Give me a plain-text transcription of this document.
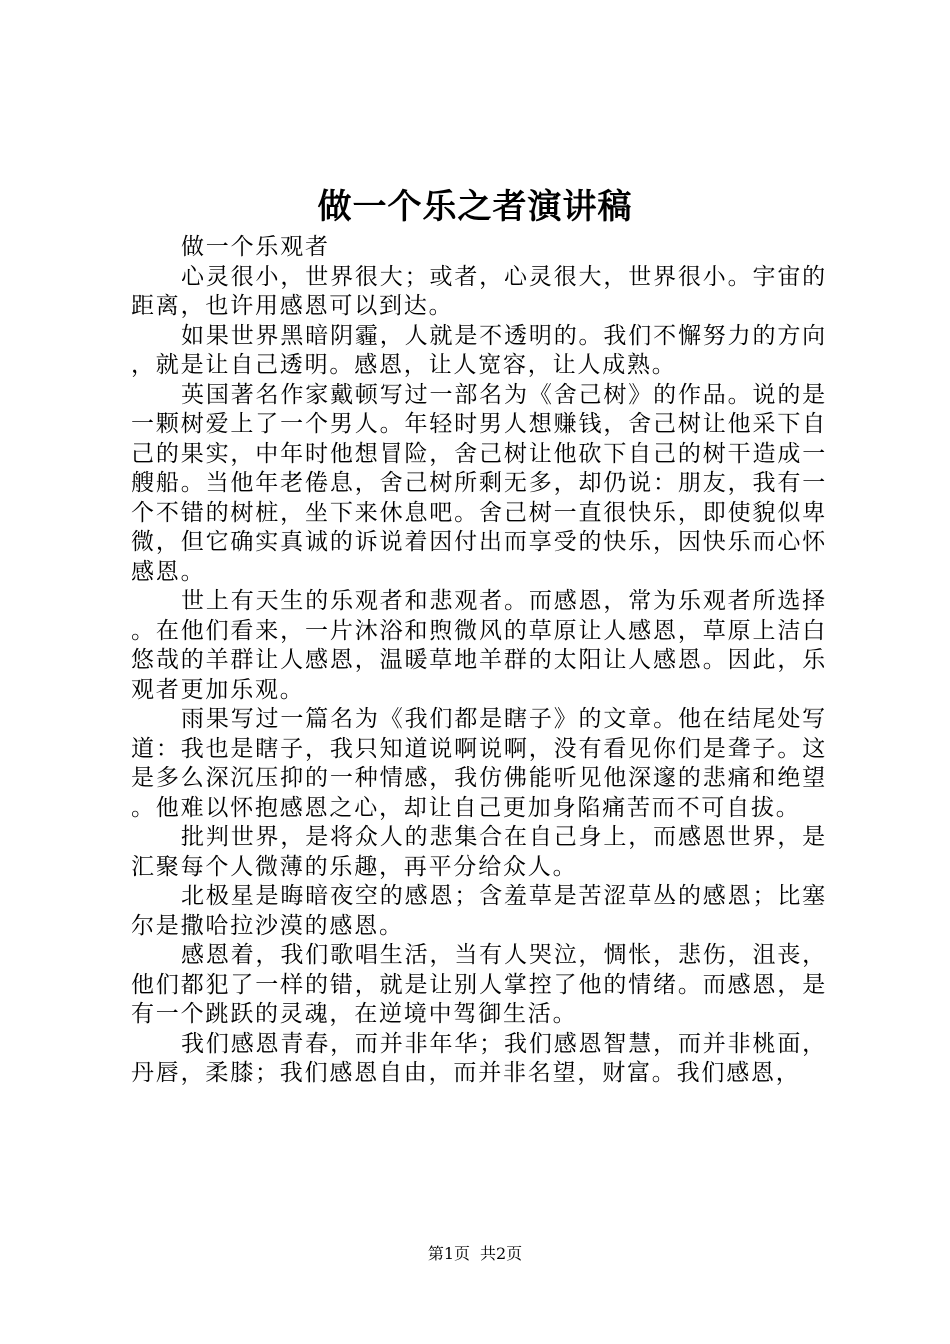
做一个乐之者演讲稿

做一个乐观者

心灵很小，世界很大；或者，心灵很大，世界很小。宇宙的距离，也许用感恩可以到达。

如果世界黑暗阴霾，人就是不透明的。我们不懈努力的方向，就是让自己透明。感恩，让人宽容，让人成熟。

英国著名作家戴顿写过一部名为《舍己树》的作品。说的是一颗树爱上了一个男人。年轻时男人想赚钱，舍己树让他采下自己的果实，中年时他想冒险，舍己树让他砍下自己的树干造成一艘船。当他年老倦息，舍己树所剩无多，却仍说：朋友，我有一个不错的树桩，坐下来休息吧。舍己树一直很快乐，即使貌似卑微，但它确实真诚的诉说着因付出而享受的快乐，因快乐而心怀感恩。

世上有天生的乐观者和悲观者。而感恩，常为乐观者所选择。在他们看来，一片沐浴和煦微风的草原让人感恩，草原上洁白悠哉的羊群让人感恩，温暖草地羊群的太阳让人感恩。因此，乐观者更加乐观。

雨果写过一篇名为《我们都是瞎子》的文章。他在结尾处写道：我也是瞎子，我只知道说啊说啊，没有看见你们是聋子。这是多么深沉压抑的一种情感，我仿佛能听见他深邃的悲痛和绝望。他难以怀抱感恩之心，却让自己更加身陷痛苦而不可自拔。

批判世界，是将众人的悲集合在自己身上，而感恩世界，是汇聚每个人微薄的乐趣，再平分给众人。

北极星是晦暗夜空的感恩；含羞草是苦涩草丛的感恩；比塞尔是撒哈拉沙漠的感恩。

感恩着，我们歌唱生活，当有人哭泣，惆怅，悲伤，沮丧，他们都犯了一样的错，就是让别人掌控了他的情绪。而感恩，是有一个跳跃的灵魂，在逆境中驾御生活。

我们感恩青春，而并非年华；我们感恩智慧，而并非桃面，丹唇，柔膝；我们感恩自由，而并非名望，财富。我们感恩，

第1页 共2页
